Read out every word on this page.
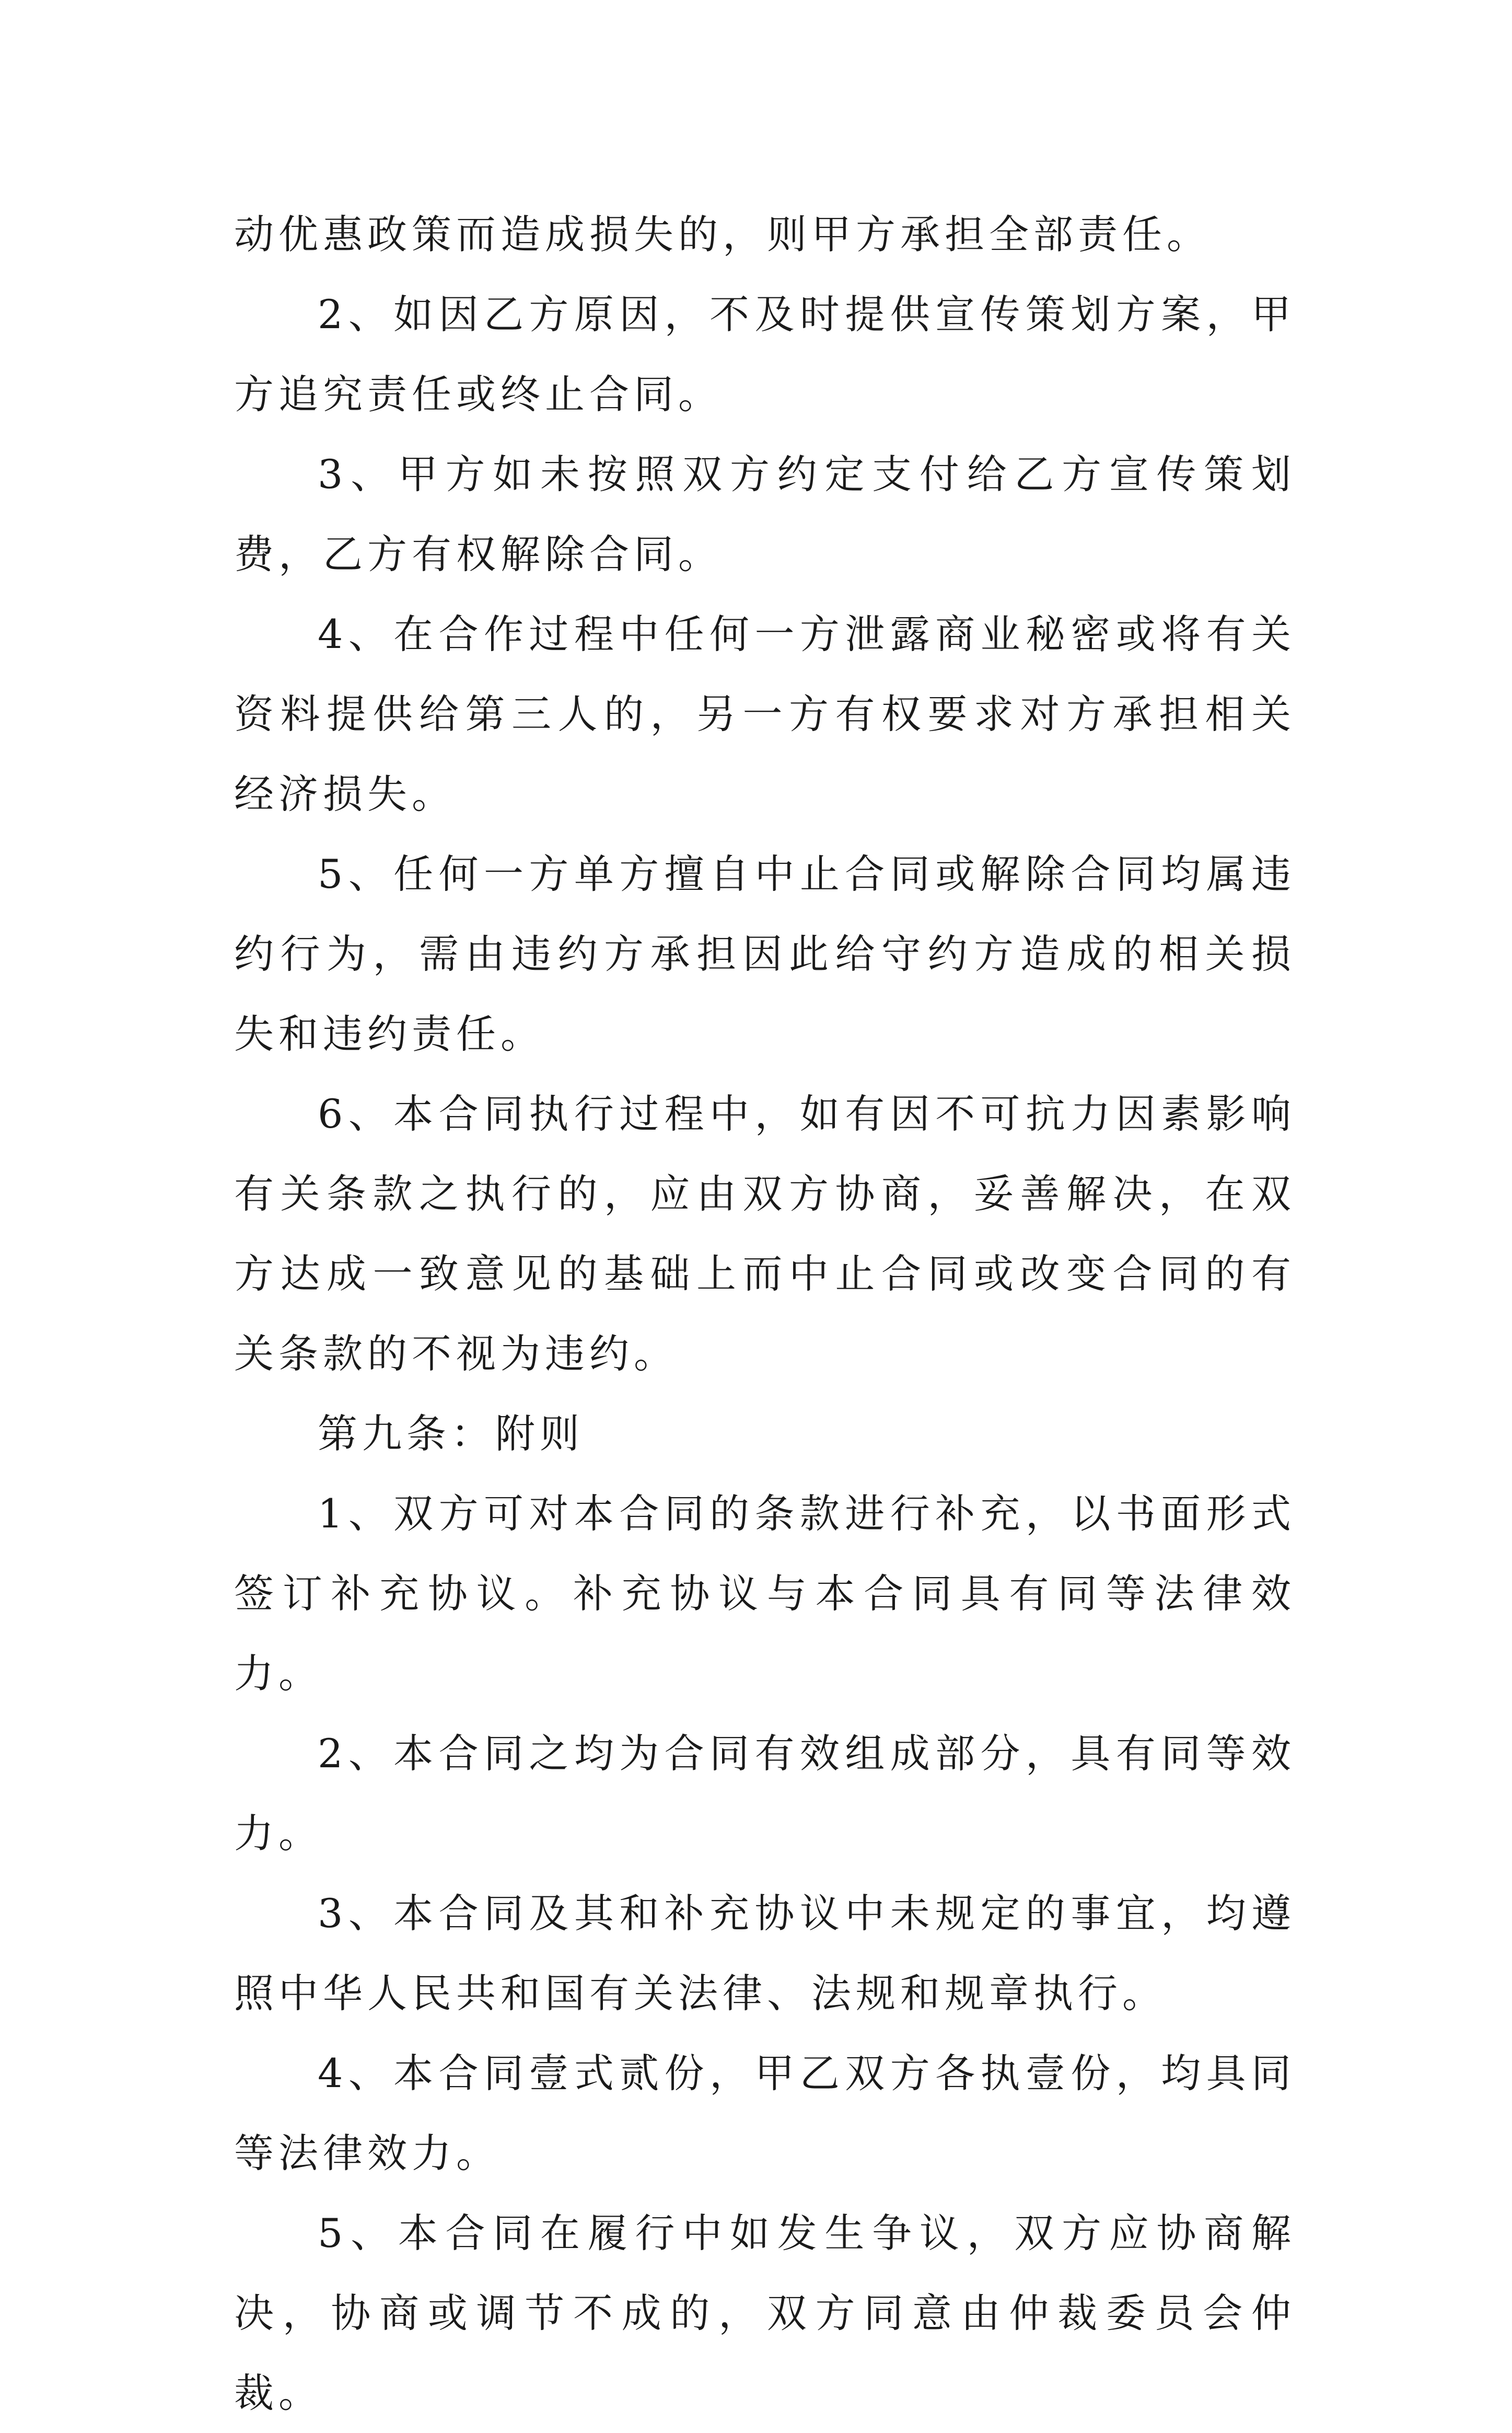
动优惠政策而造成损失的，则甲方承担全部责任。

2、如因乙方原因，不及时提供宣传策划方案，甲方追究责任或终止合同。

3、甲方如未按照双方约定支付给乙方宣传策划费，乙方有权解除合同。

4、在合作过程中任何一方泄露商业秘密或将有关资料提供给第三人的，另一方有权要求对方承担相关经济损失。

5、任何一方单方擅自中止合同或解除合同均属违约行为，需由违约方承担因此给守约方造成的相关损失和违约责任。

6、本合同执行过程中，如有因不可抗力因素影响有关条款之执行的，应由双方协商，妥善解决，在双方达成一致意见的基础上而中止合同或改变合同的有关条款的不视为违约。

第九条：附则

1、双方可对本合同的条款进行补充，以书面形式签订补充协议。补充协议与本合同具有同等法律效力。

2、本合同之均为合同有效组成部分，具有同等效力。

3、本合同及其和补充协议中未规定的事宜，均遵照中华人民共和国有关法律、法规和规章执行。

4、本合同壹式贰份，甲乙双方各执壹份，均具同等法律效力。

5、本合同在履行中如发生争议，双方应协商解决，协商或调节不成的，双方同意由仲裁委员会仲裁。
